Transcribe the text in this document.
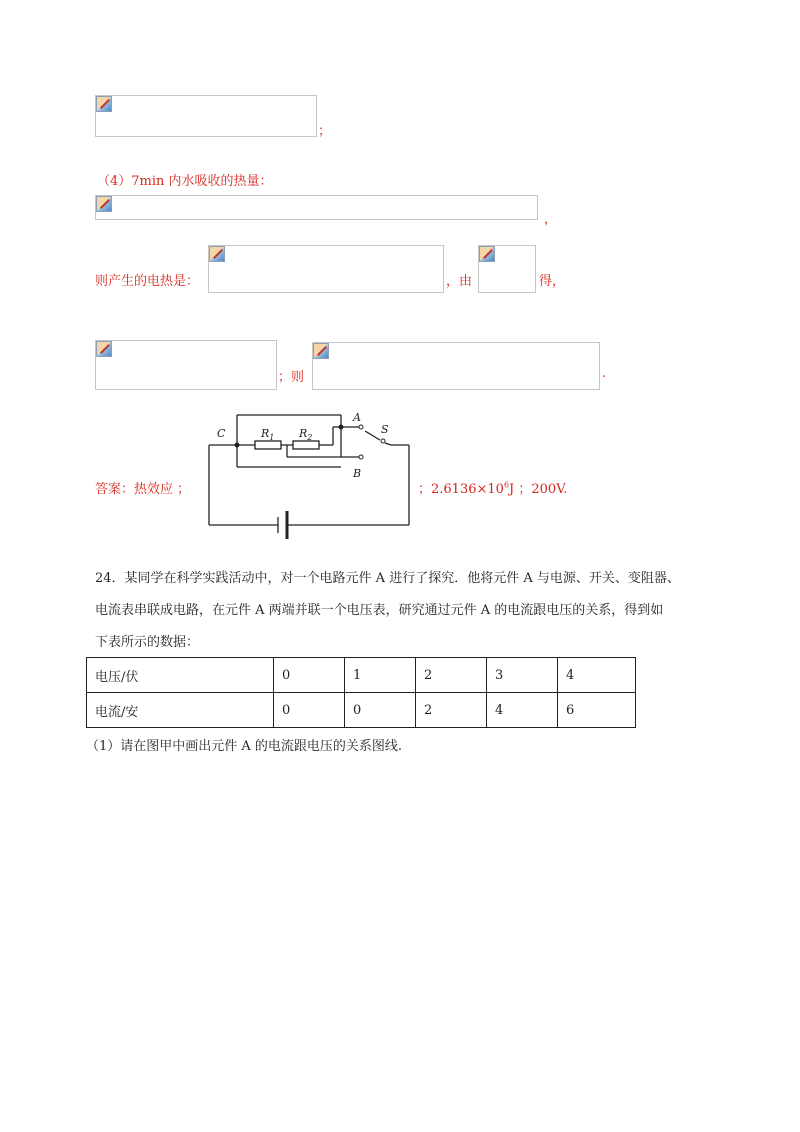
；
（4）7min 内水吸收的热量：
，
则产生的电热是：	，由	得，
；则	.
C
A
S
B
$R_1$ $R_2$
答案：热效应 ；	；$2.6136\times 10^6J$ ；200V.
24．某同学在科学实践活动中，对一个电路元件 A 进行了探究．他将元件 A 与电源、开关、变阻器、
电流表串联成电路，在元件 A 两端并联一个电压表，研究通过元件 A 的电流跟电压的关系，得到如
下表所示的数据：
电压/伏	0	1	2	3	4
电流/安	0	0	2	4	6
（1）请在图甲中画出元件 A 的电流跟电压的关系图线.
